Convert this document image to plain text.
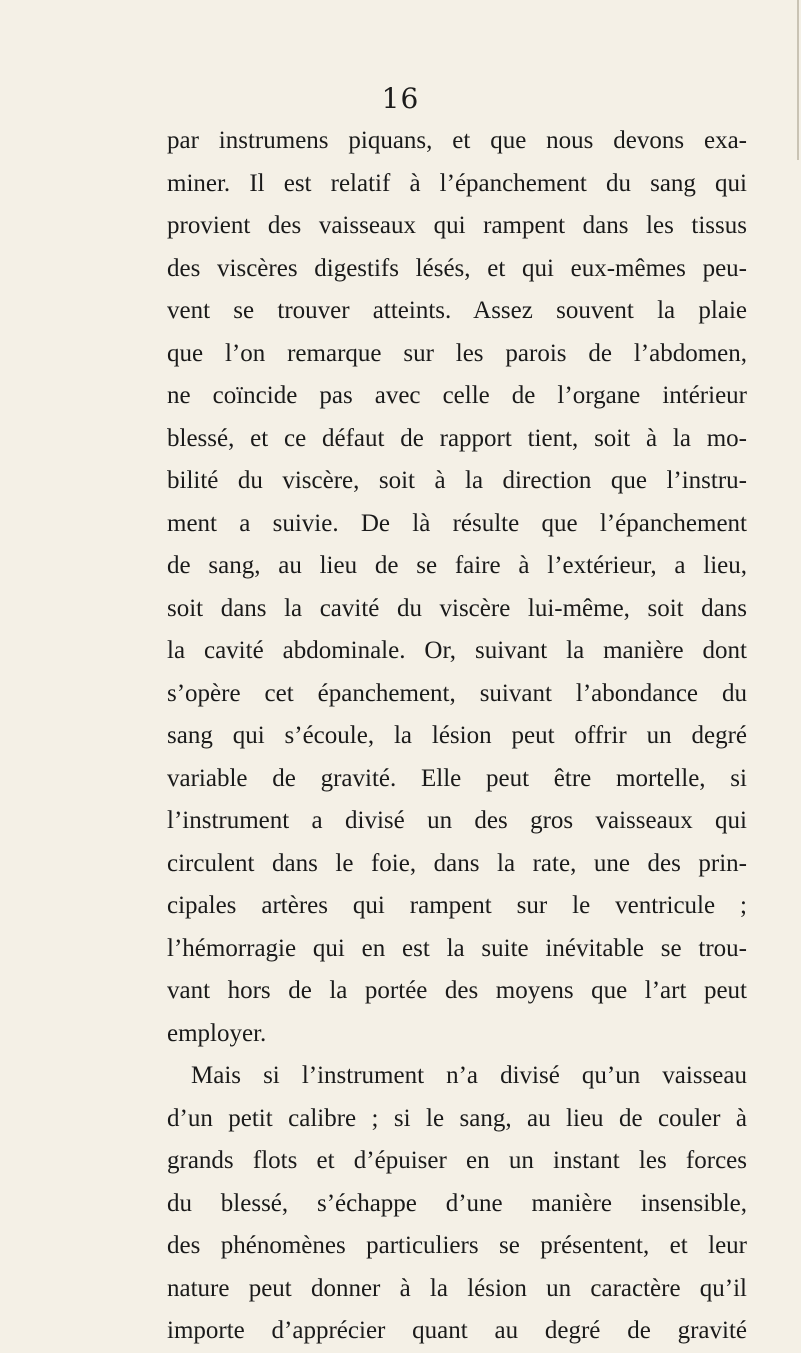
16
par instrumens piquans, et que nous devons exa-
miner. Il est relatif à l’épanchement du sang qui
provient des vaisseaux qui rampent dans les tissus
des viscères digestifs lésés, et qui eux-mêmes peu-
vent se trouver atteints. Assez souvent la plaie
que l’on remarque sur les parois de l’abdomen,
ne coïncide pas avec celle de l’organe intérieur
blessé, et ce défaut de rapport tient, soit à la mo-
bilité du viscère, soit à la direction que l’instru-
ment a suivie. De là résulte que l’épanchement
de sang, au lieu de se faire à l’extérieur, a lieu,
soit dans la cavité du viscère lui-même, soit dans
la cavité abdominale. Or, suivant la manière dont
s’opère cet épanchement, suivant l’abondance du
sang qui s’écoule, la lésion peut offrir un degré
variable de gravité. Elle peut être mortelle, si
l’instrument a divisé un des gros vaisseaux qui
circulent dans le foie, dans la rate, une des prin-
cipales artères qui rampent sur le ventricule ;
l’hémorragie qui en est la suite inévitable se trou-
vant hors de la portée des moyens que l’art peut
employer.
Mais si l’instrument n’a divisé qu’un vaisseau
d’un petit calibre ; si le sang, au lieu de couler à
grands flots et d’épuiser en un instant les forces
du blessé, s’échappe d’une manière insensible,
des phénomènes particuliers se présentent, et leur
nature peut donner à la lésion un caractère qu’il
importe d’apprécier quant au degré de gravité
